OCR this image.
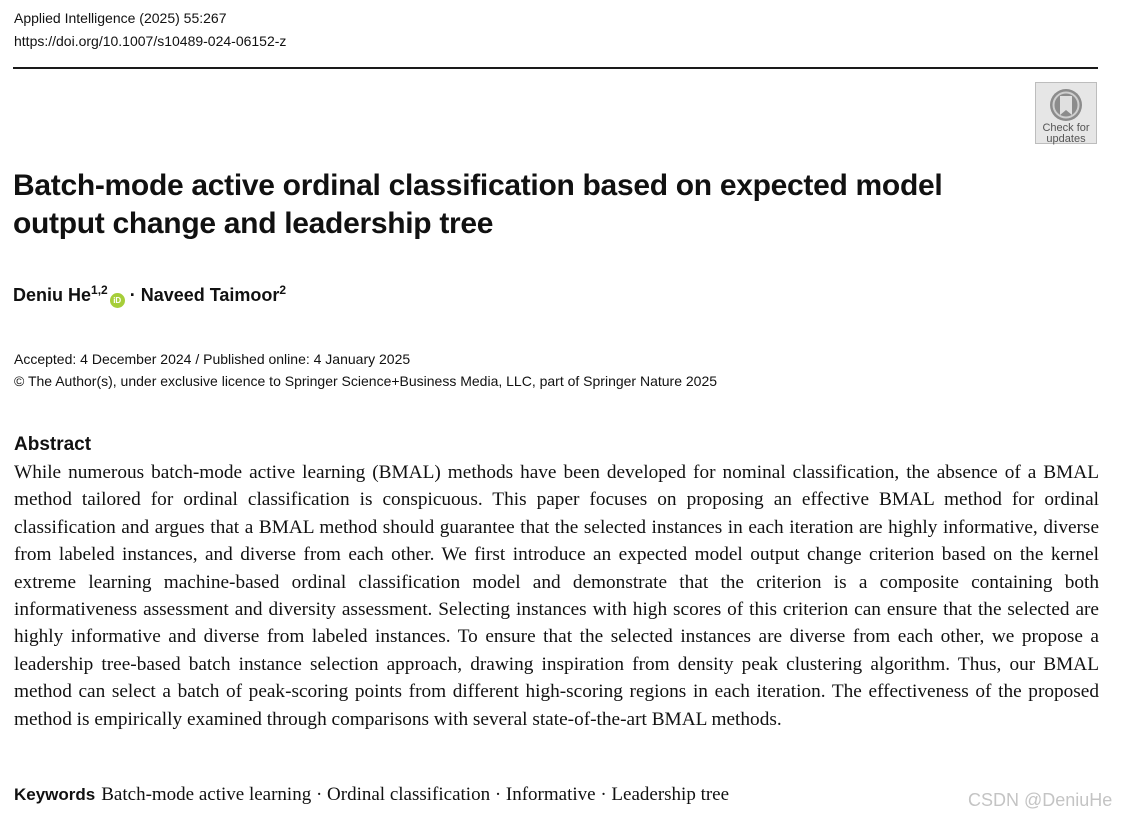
Applied Intelligence (2025) 55:267
https://doi.org/10.1007/s10489-024-06152-z
Check for
updates
Batch-mode active ordinal classification based on expected model
output change and leadership tree
Deniu He$^{1,2}$iD · Naveed Taimoor$^2$
Accepted: 4 December 2024 / Published online: 4 January 2025
© The Author(s), under exclusive licence to Springer Science+Business Media, LLC, part of Springer Nature 2025
Abstract

While numerous batch-mode active learning (BMAL) methods have been developed for nominal classification, the absence of a BMAL method tailored for ordinal classification is conspicuous. This paper focuses on proposing an effective BMAL method for ordinal classification and argues that a BMAL method should guarantee that the selected instances in each iteration are highly informative, diverse from labeled instances, and diverse from each other. We first introduce an expected model output change criterion based on the kernel extreme learning machine-based ordinal classification model and demonstrate that the criterion is a composite containing both informativeness assessment and diversity assessment. Selecting instances with high scores of this criterion can ensure that the selected are highly informative and diverse from labeled instances. To ensure that the selected instances are diverse from each other, we propose a leadership tree-based batch instance selection approach, drawing inspiration from density peak clustering algorithm. Thus, our BMAL method can select a batch of peak-scoring points from different high-scoring regions in each iteration. The effectiveness of the proposed method is empirically examined through comparisons with several state-of-the-art BMAL methods.

Keywords Batch-mode active learning · Ordinal classification · Informative · Leadership tree	CSDN @DeniuHe
